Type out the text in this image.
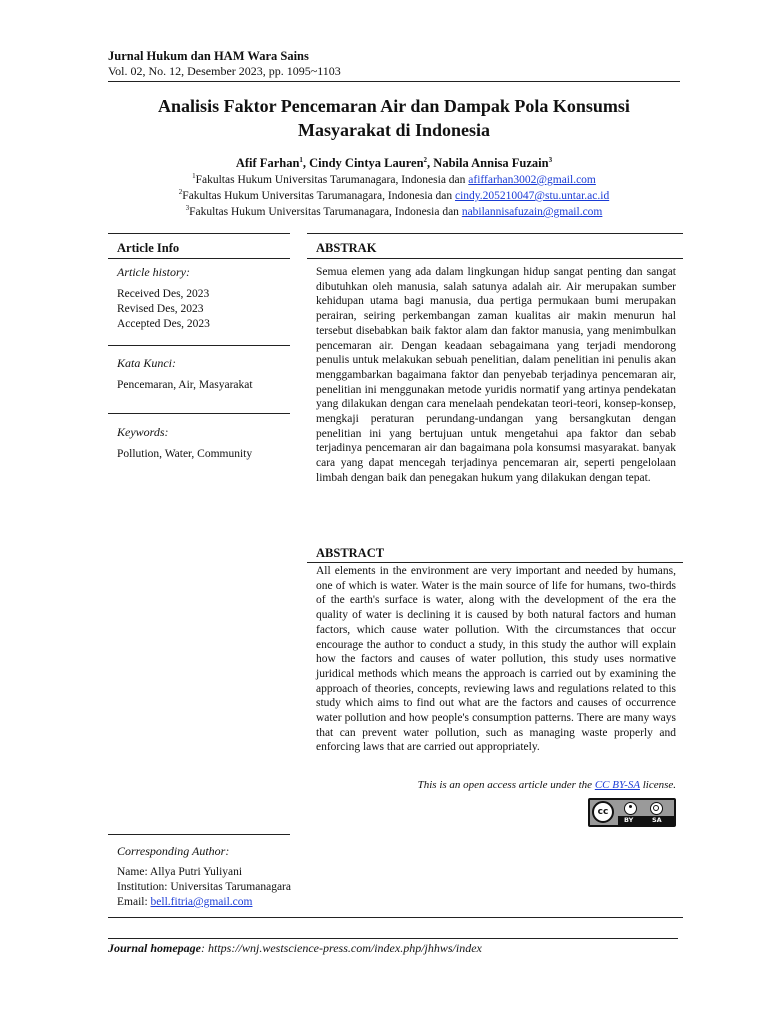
Jurnal Hukum dan HAM Wara Sains
Vol. 02, No. 12, Desember 2023, pp. 1095~1103
Analisis Faktor Pencemaran Air dan Dampak Pola Konsumsi
Masyarakat di Indonesia
Afif Farhan$^1$, Cindy Cintya Lauren$^2$, Nabila Annisa Fuzain$^3$
$^1$Fakultas Hukum Universitas Tarumanagara, Indonesia dan afiffarhan3002@gmail.com
$^2$Fakultas Hukum Universitas Tarumanagara, Indonesia dan cindy.205210047@stu.untar.ac.id
$^3$Fakultas Hukum Universitas Tarumanagara, Indonesia dan nabilannisafuzain@gmail.com
Article Info
Article history:
Received Des, 2023
Revised Des, 2023
Accepted Des, 2023
Kata Kunci:
Pencemaran, Air, Masyarakat
Keywords:
Pollution, Water, Community
ABSTRAK
Semua elemen yang ada dalam lingkungan hidup sangat penting dan sangat dibutuhkan oleh manusia, salah satunya adalah air. Air merupakan sumber kehidupan utama bagi manusia, dua pertiga permukaan bumi merupakan perairan, seiring perkembangan zaman kualitas air makin menurun hal tersebut disebabkan baik faktor alam dan faktor manusia, yang menimbulkan pencemaran air. Dengan keadaan sebagaimana yang terjadi mendorong penulis untuk melakukan sebuah penelitian, dalam penelitian ini penulis akan menggambarkan bagaimana faktor dan penyebab terjadinya pencemaran air, penelitian ini menggunakan metode yuridis normatif yang artinya pendekatan yang dilakukan dengan cara menelaah pendekatan teori-teori, konsep-konsep, mengkaji peraturan perundang-undangan yang bersangkutan dengan penelitian ini yang bertujuan untuk mengetahui apa faktor dan sebab terjadinya pencemaran air dan bagaimana pola konsumsi masyarakat. banyak cara yang dapat mencegah terjadinya pencemaran air, seperti pengelolaan limbah dengan baik dan penegakan hukum yang dilakukan dengan tepat.
ABSTRACT
All elements in the environment are very important and needed by humans, one of which is water. Water is the main source of life for humans, two-thirds of the earth's surface is water, along with the development of the era the quality of water is declining it is caused by both natural factors and human factors, which cause water pollution. With the circumstances that occur encourage the author to conduct a study, in this study the author will explain how the factors and causes of water pollution, this study uses normative juridical methods which means the approach is carried out by examining the approach of theories, concepts, reviewing laws and regulations related to this study which aims to find out what are the factors and causes of occurrence water pollution and how people's consumption patterns. There are many ways that can prevent water pollution, such as managing waste properly and enforcing laws that are carried out appropriately.
This is an open access article under the CC BY-SA license.
cc
BY	SA
Corresponding Author:
Name: Allya Putri Yuliyani
Institution: Universitas Tarumanagara
Email: bell.fitria@gmail.com
Journal homepage: https://wnj.westscience-press.com/index.php/jhhws/index
